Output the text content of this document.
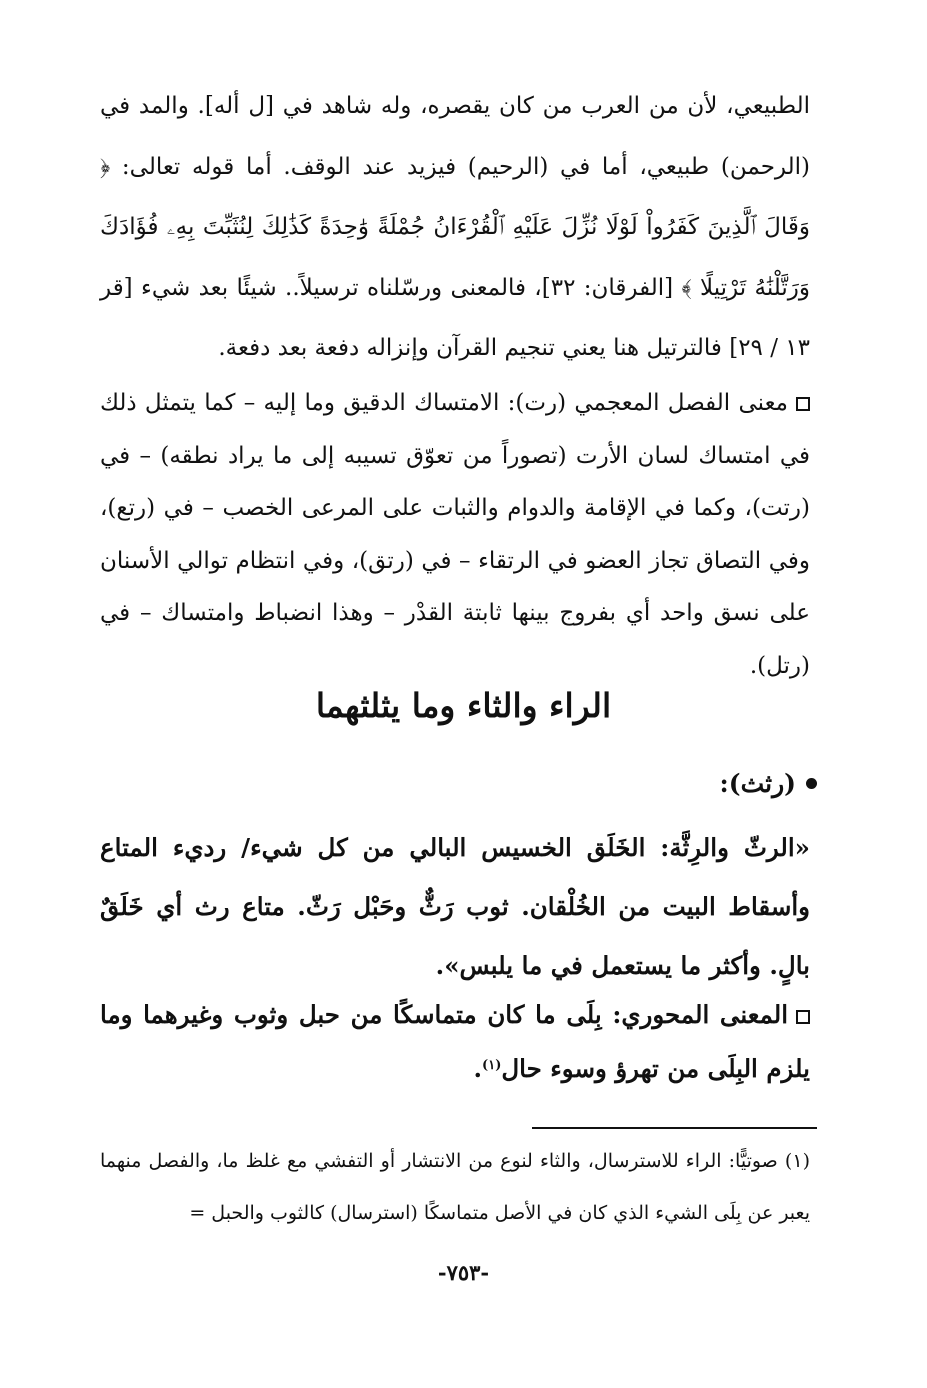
الطبيعي، لأن من العرب من كان يقصره، وله شاهد في [ل أله]. والمد في (الرحمن) طبيعي، أما في (الرحيم) فيزيد عند الوقف. أما قوله تعالى: ﴿ وَقَالَ ٱلَّذِينَ كَفَرُواْ لَوْلَا نُزِّلَ عَلَيْهِ ٱلْقُرْءَانُ جُمْلَةً وَٰحِدَةً كَذَٰلِكَ لِنُثَبِّتَ بِهِۦ فُؤَادَكَ وَرَتَّلْنَٰهُ تَرْتِيلًا ﴾ [الفرقان: ٣٢]، فالمعنى ورسّلناه ترسيلاً.. شيئًا بعد شيء [قر ١٣ / ٢٩] فالترتيل هنا يعني تنجيم القرآن وإنزاله دفعة بعد دفعة.

معنى الفصل المعجمي (رت): الامتساك الدقيق وما إليه – كما يتمثل ذلك في امتساك لسان الأرت (تصوراً من تعوّق تسيبه إلى ما يراد نطقه) – في (رتت)، وكما في الإقامة والدوام والثبات على المرعى الخصب – في (رتع)، وفي التصاق تجاز العضو في الرتقاء – في (رتق)، وفي انتظام توالي الأسنان على نسق واحد أي بفروج بينها ثابتة القدْر – وهذا انضباط وامتساك – في (رتل).

الراء والثاء وما يثلثهما
(رثث):

«الرثّ والرِثَّة: الخَلَق الخسيس البالي من كل شيء/ رديء المتاع وأسقاط البيت من الخُلْقان. ثوب رَثٌّ وحَبْل رَثّ. متاع رث أي خَلَقٌ بالٍ. وأكثر ما يستعمل في ما يلبس».

المعنى المحوري: بِلَى ما كان متماسكًا من حبل وثوب وغيرهما وما يلزم البِلَى من تهرؤ وسوء حال$^{(١)}$.

(١) صوتيًّا: الراء للاسترسال، والثاء لنوع من الانتشار أو التفشي مع غلظ ما، والفصل منهما يعبر عن بِلَى الشيء الذي كان في الأصل متماسكًا (استرسال) كالثوب والحبل =

-٧٥٣-
